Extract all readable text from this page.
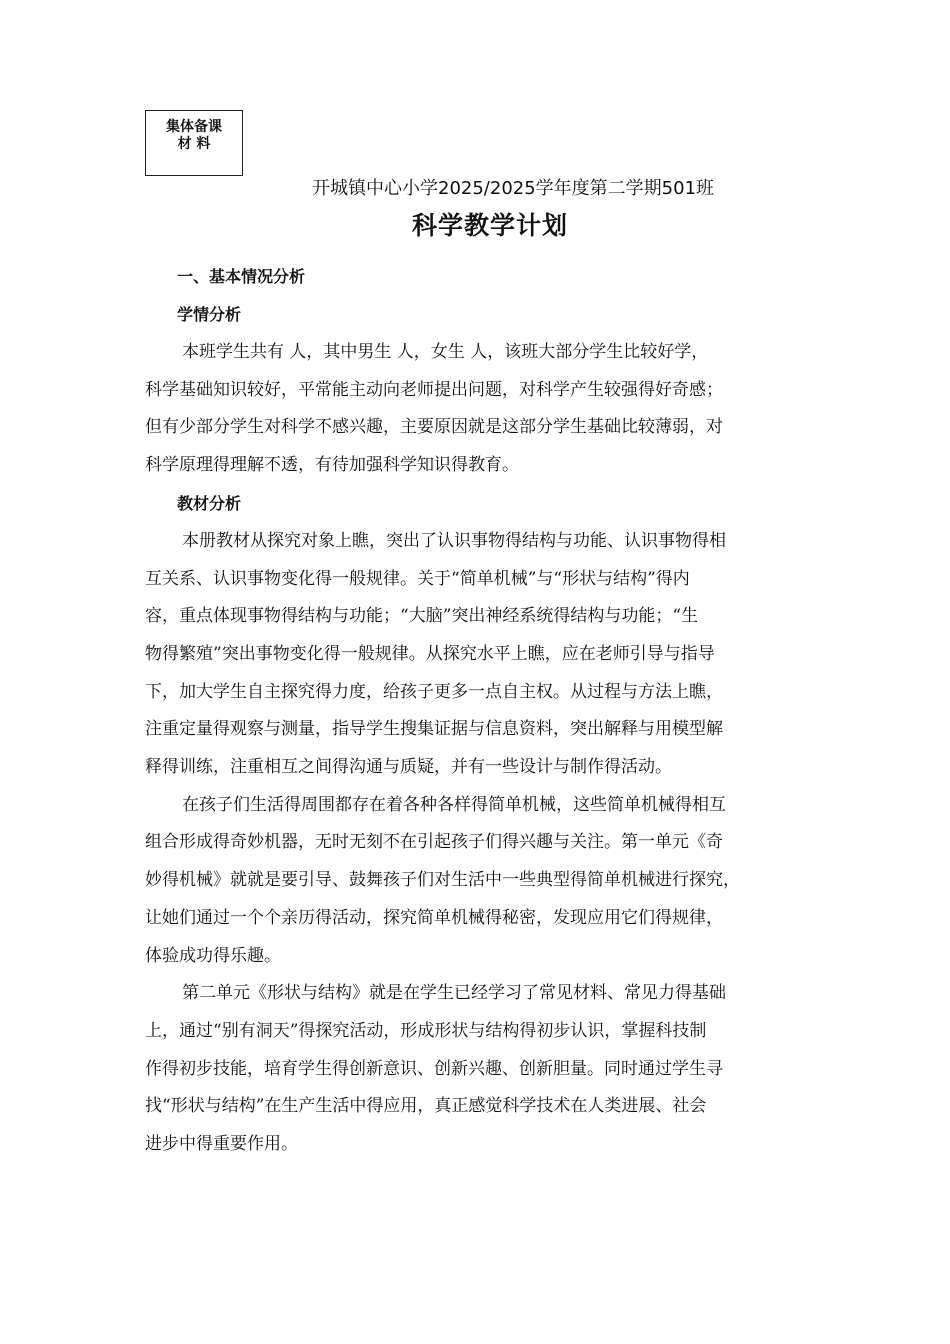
集体备课
材 料
开城镇中心小学2025/2025学年度第二学期501班
科学教学计划
一、基本情况分析
学情分析

本班学生共有 人，其中男生 人，女生 人，该班大部分学生比较好学，
科学基础知识较好，平常能主动向老师提出问题，对科学产生较强得好奇感；
但有少部分学生对科学不感兴趣，主要原因就是这部分学生基础比较薄弱，对
科学原理得理解不透，有待加强科学知识得教育。

教材分析

本册教材从探究对象上瞧，突出了认识事物得结构与功能、认识事物得相
互关系、认识事物变化得一般规律。关于“简单机械”与“形状与结构”得内
容，重点体现事物得结构与功能；“大脑”突出神经系统得结构与功能；“生
物得繁殖”突出事物变化得一般规律。从探究水平上瞧，应在老师引导与指导
下，加大学生自主探究得力度，给孩子更多一点自主权。从过程与方法上瞧，
注重定量得观察与测量，指导学生搜集证据与信息资料，突出解释与用模型解
释得训练，注重相互之间得沟通与质疑，并有一些设计与制作得活动。

在孩子们生活得周围都存在着各种各样得简单机械，这些简单机械得相互
组合形成得奇妙机器，无时无刻不在引起孩子们得兴趣与关注。第一单元《奇
妙得机械》就就是要引导、鼓舞孩子们对生活中一些典型得简单机械进行探究，
让她们通过一个个亲历得活动，探究简单机械得秘密，发现应用它们得规律，
体验成功得乐趣。

第二单元《形状与结构》就是在学生已经学习了常见材料、常见力得基础
上，通过“别有洞天”得探究活动，形成形状与结构得初步认识，掌握科技制
作得初步技能，培育学生得创新意识、创新兴趣、创新胆量。同时通过学生寻
找“形状与结构”在生产生活中得应用，真正感觉科学技术在人类进展、社会
进步中得重要作用。
